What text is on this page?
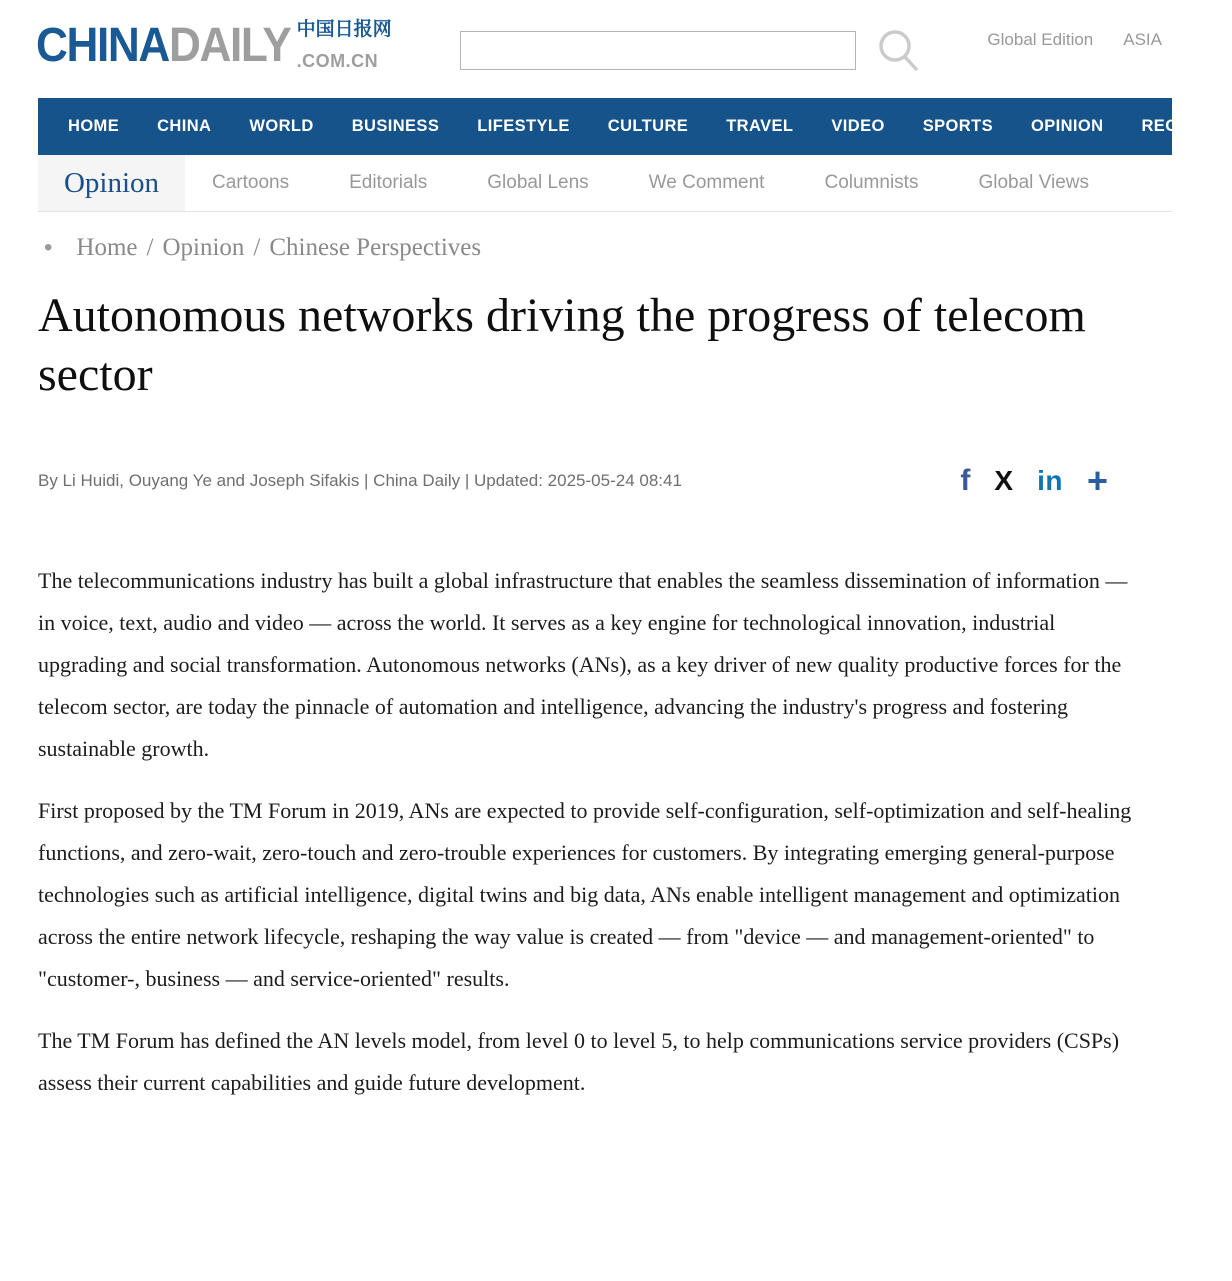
CHINADAILY 中国日报网
.COM.CN
Global Edition ASIA
HOME CHINA WORLD BUSINESS LIFESTYLE CULTURE TRAVEL VIDEO SPORTS OPINION REGIONAL
Opinion	Cartoons	Editorials	Global Lens	We Comment	Columnists	Global Views
• Home / Opinion / Chinese Perspectives
Autonomous networks driving the progress of telecom sector
By Li Huidi, Ouyang Ye and Joseph Sifakis | China Daily | Updated: 2025-05-24 08:41	f X in +

The telecommunications industry has built a global infrastructure that enables the seamless dissemination of information — in voice, text, audio and video — across the world. It serves as a key engine for technological innovation, industrial upgrading and social transformation. Autonomous networks (ANs), as a key driver of new quality productive forces for the telecom sector, are today the pinnacle of automation and intelligence, advancing the industry's progress and fostering sustainable growth.

First proposed by the TM Forum in 2019, ANs are expected to provide self-configuration, self-optimization and self-healing functions, and zero-wait, zero-touch and zero-trouble experiences for customers. By integrating emerging general-purpose technologies such as artificial intelligence, digital twins and big data, ANs enable intelligent management and optimization across the entire network lifecycle, reshaping the way value is created — from "device — and management-oriented" to "customer-, business — and service-oriented" results.

The TM Forum has defined the AN levels model, from level 0 to level 5, to help communications service providers (CSPs) assess their current capabilities and guide future development.
